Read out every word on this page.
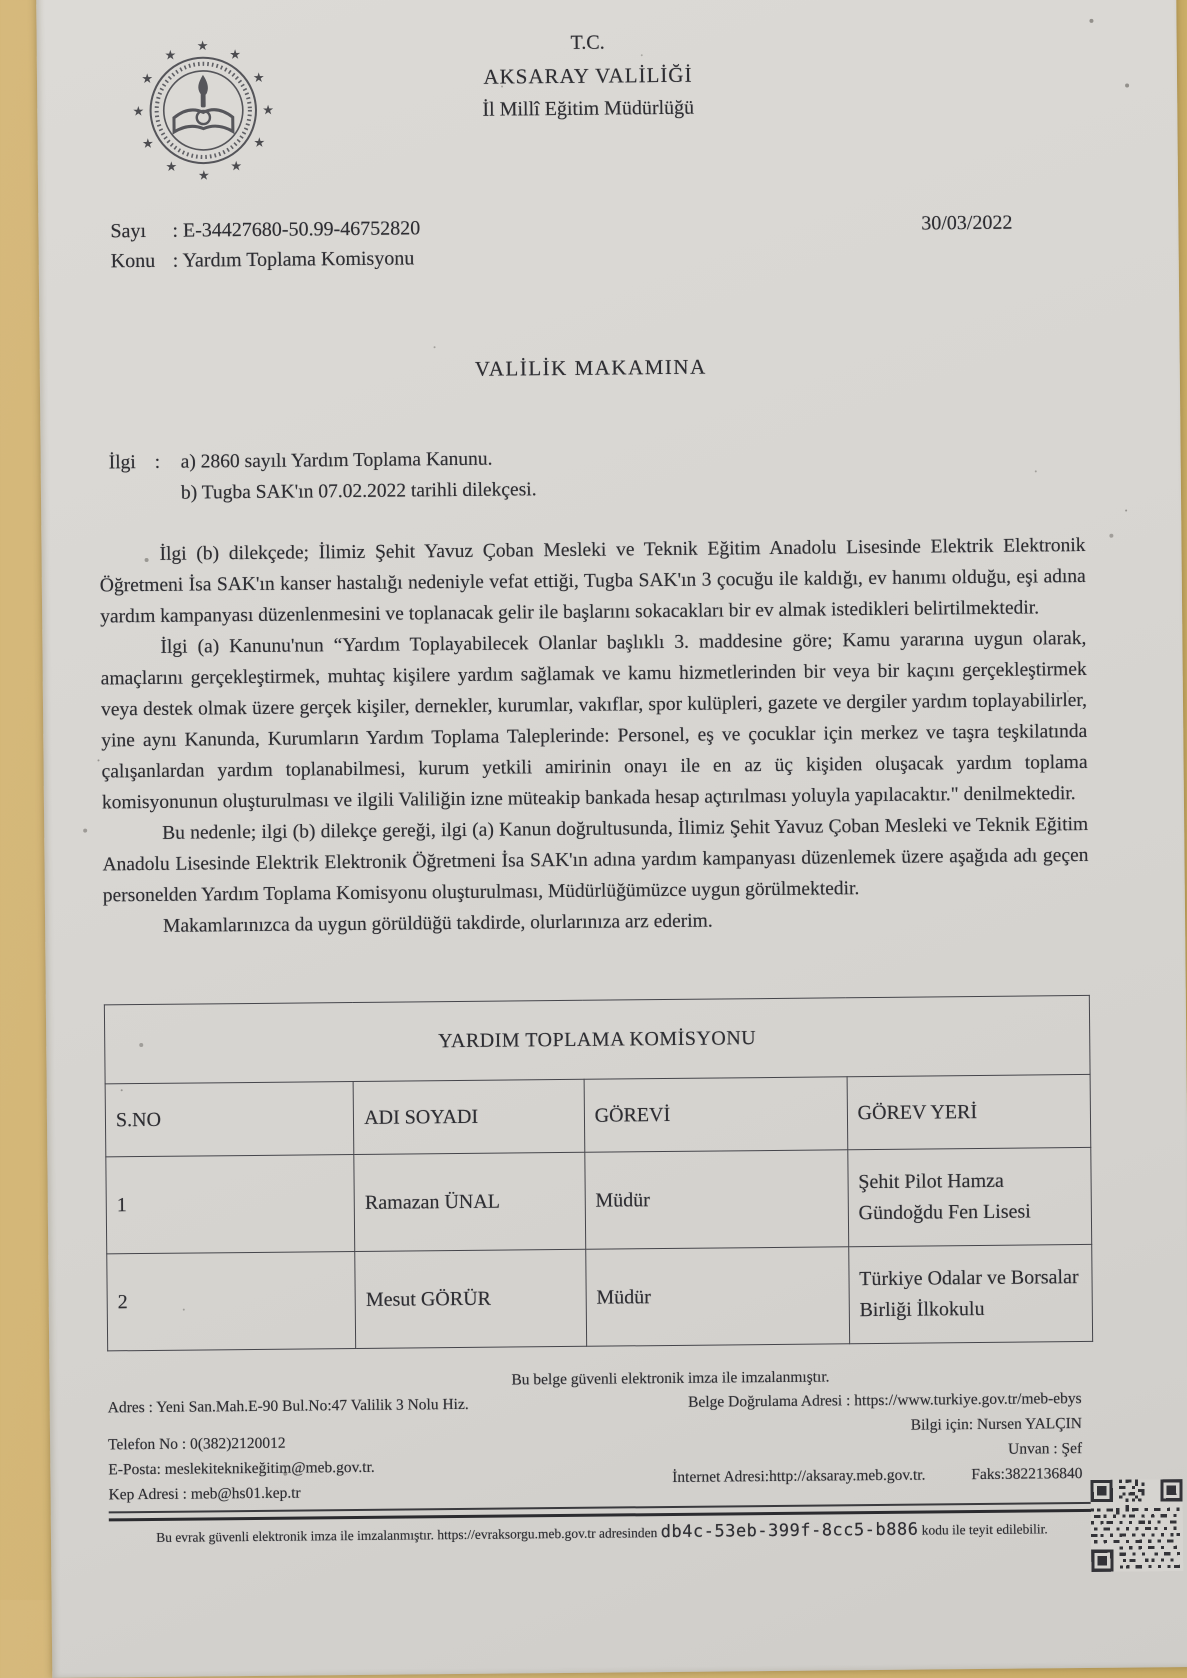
★
★
★
★
★
★
★
★
★
★
★
★
T.C.
AKSARAY VALİLİĞİ
İl Millî Eğitim Müdürlüğü
Sayı	: E-34427680-50.99-46752820
Konu : Yardım Toplama Komisyonu
30/03/2022
VALİLİK MAKAMINA
İlgi :	a) 2860 sayılı Yardım Toplama Kanunu.
b) Tugba SAK'ın 07.02.2022 tarihli dilekçesi.

İlgi (b) dilekçede; İlimiz Şehit Yavuz Çoban Mesleki ve Teknik Eğitim Anadolu Lisesinde Elektrik Elektronik Öğretmeni İsa SAK'ın kanser hastalığı nedeniyle vefat ettiği, Tugba SAK'ın 3 çocuğu ile kaldığı, ev hanımı olduğu, eşi adına yardım kampanyası düzenlenmesini ve toplanacak gelir ile başlarını sokacakları bir ev almak istedikleri belirtilmektedir.

İlgi (a) Kanunu'nun “Yardım Toplayabilecek Olanlar başlıklı 3. maddesine göre; Kamu yararına uygun olarak, amaçlarını gerçekleştirmek, muhtaç kişilere yardım sağlamak ve kamu hizmetlerinden bir veya bir kaçını gerçekleştirmek veya destek olmak üzere gerçek kişiler, dernekler, kurumlar, vakıflar, spor kulüpleri, gazete ve dergiler yardım toplayabilirler, yine aynı Kanunda, Kurumların Yardım Toplama Taleplerinde: Personel, eş ve çocuklar için merkez ve taşra teşkilatında çalışanlardan yardım toplanabilmesi, kurum yetkili amirinin onayı ile en az üç kişiden oluşacak yardım toplama komisyonunun oluşturulması ve ilgili Valiliğin izne müteakip bankada hesap açtırılması yoluyla yapılacaktır." denilmektedir.

Bu nedenle; ilgi (b) dilekçe gereği, ilgi (a) Kanun doğrultusunda, İlimiz Şehit Yavuz Çoban Mesleki ve Teknik Eğitim Anadolu Lisesinde Elektrik Elektronik Öğretmeni İsa SAK'ın adına yardım kampanyası düzenlemek üzere aşağıda adı geçen personelden Yardım Toplama Komisyonu oluşturulması, Müdürlüğümüzce uygun görülmektedir.

Makamlarınızca da uygun görüldüğü takdirde, olurlarınıza arz ederim.

YARDIM TOPLAMA KOMİSYONU			
S.NO	ADI SOYADI	GÖREVİ	GÖREV YERİ
1	Ramazan ÜNAL	Müdür	Şehit Pilot Hamza Gündoğdu Fen Lisesi
2	Mesut GÖRÜR	Müdür	Türkiye Odalar ve Borsalar Birliği İlkokulu
Bu belge güvenli elektronik imza ile imzalanmıştır.
Adres : Yeni San.Mah.E-90 Bul.No:47 Valilik 3 Nolu Hiz.
Telefon No : 0(382)2120012
E-Posta: meslekiteknikeğitim@meb.gov.tr.
Kep Adresi : meb@hs01.kep.tr
Belge Doğrulama Adresi : https://www.turkiye.gov.tr/meb-ebys
Bilgi için: Nursen YALÇIN
Unvan : Şef
İnternet Adresi:http://aksaray.meb.gov.tr.	Faks:3822136840
Bu evrak güvenli elektronik imza ile imzalanmıştır. https://evraksorgu.meb.gov.tr adresinden db4c-53eb-399f-8cc5-b886 kodu ile teyit edilebilir.
